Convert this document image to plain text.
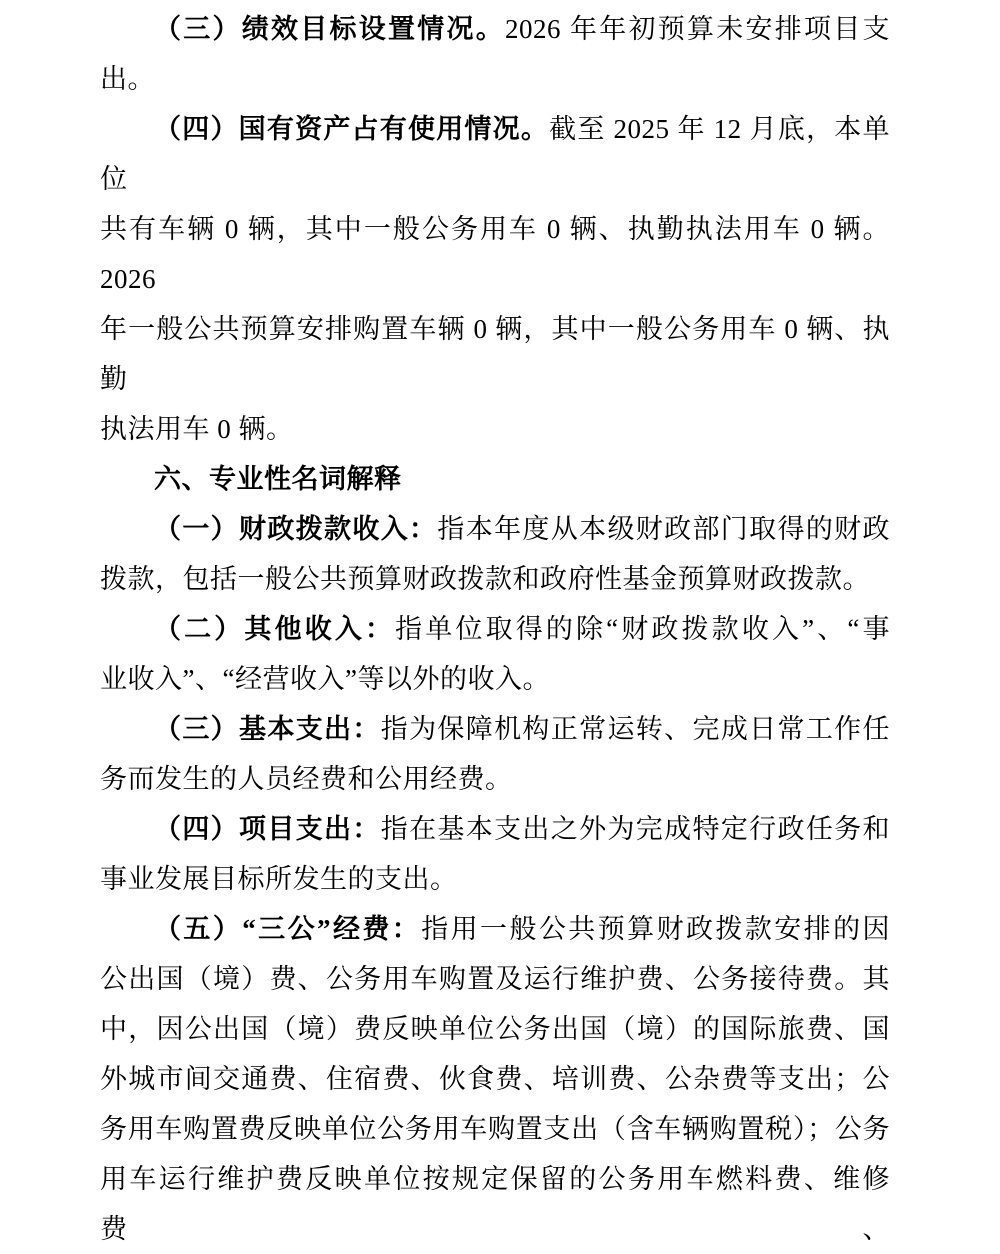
（三）绩效目标设置情况。2026 年年初预算未安排项目支出。
（四）国有资产占有使用情况。截至 2025 年 12 月底，本单位
共有车辆 0 辆，其中一般公务用车 0 辆、执勤执法用车 0 辆。2026
年一般公共预算安排购置车辆 0 辆，其中一般公务用车 0 辆、执勤
执法用车 0 辆。
六、专业性名词解释
（一）财政拨款收入：指本年度从本级财政部门取得的财政
拨款，包括一般公共预算财政拨款和政府性基金预算财政拨款。
（二）其他收入：指单位取得的除“财政拨款收入”、“事
业收入”、“经营收入”等以外的收入。
（三）基本支出：指为保障机构正常运转、完成日常工作任
务而发生的人员经费和公用经费。
（四）项目支出：指在基本支出之外为完成特定行政任务和
事业发展目标所发生的支出。
（五）“三公”经费：指用一般公共预算财政拨款安排的因
公出国（境）费、公务用车购置及运行维护费、公务接待费。其
中，因公出国（境）费反映单位公务出国（境）的国际旅费、国
外城市间交通费、住宿费、伙食费、培训费、公杂费等支出；公
务用车购置费反映单位公务用车购置支出（含车辆购置税）；公务
用车运行维护费反映单位按规定保留的公务用车燃料费、维修费、
